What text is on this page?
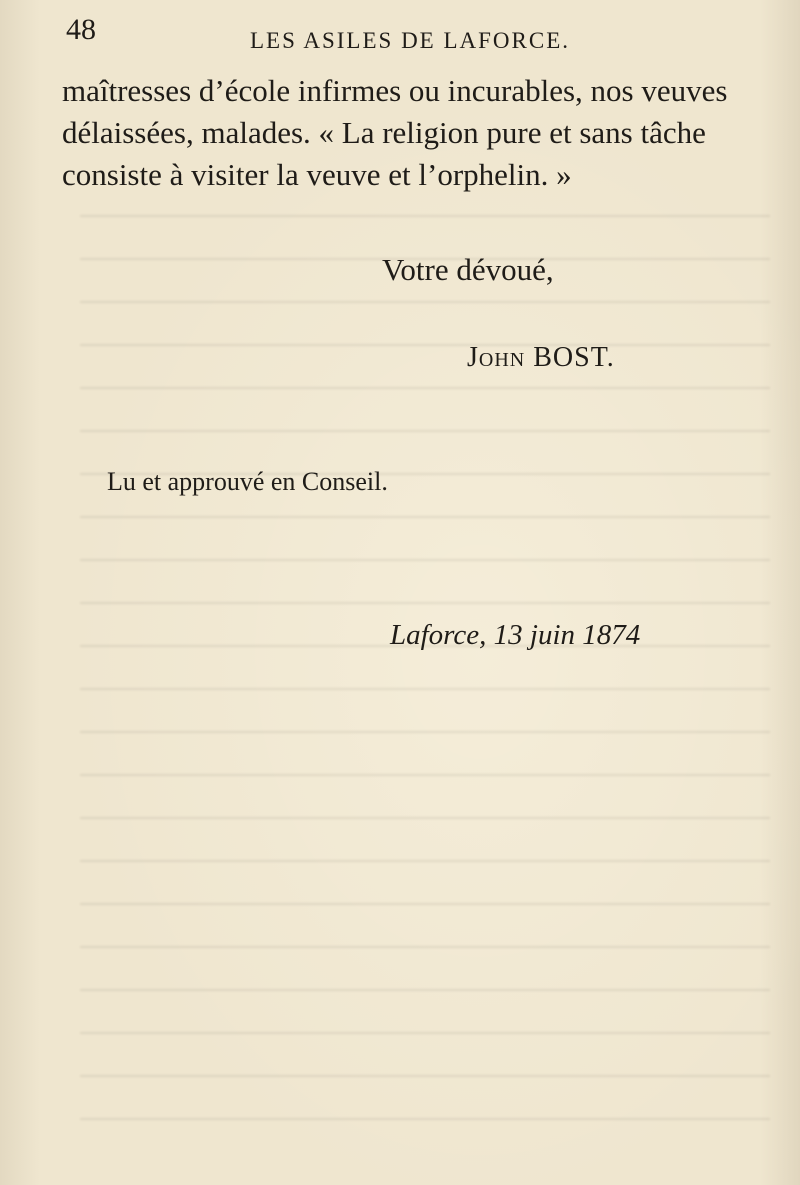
48	LES ASILES DE LAFORCE.
maîtresses d’école infirmes ou incurables, nos veuves
délaissées, malades. « La religion pure et sans tâche
consiste à visiter la veuve et l’orphelin. »
Votre dévoué,
John BOST.
Lu et approuvé en Conseil.
Laforce, 13 juin 1874
